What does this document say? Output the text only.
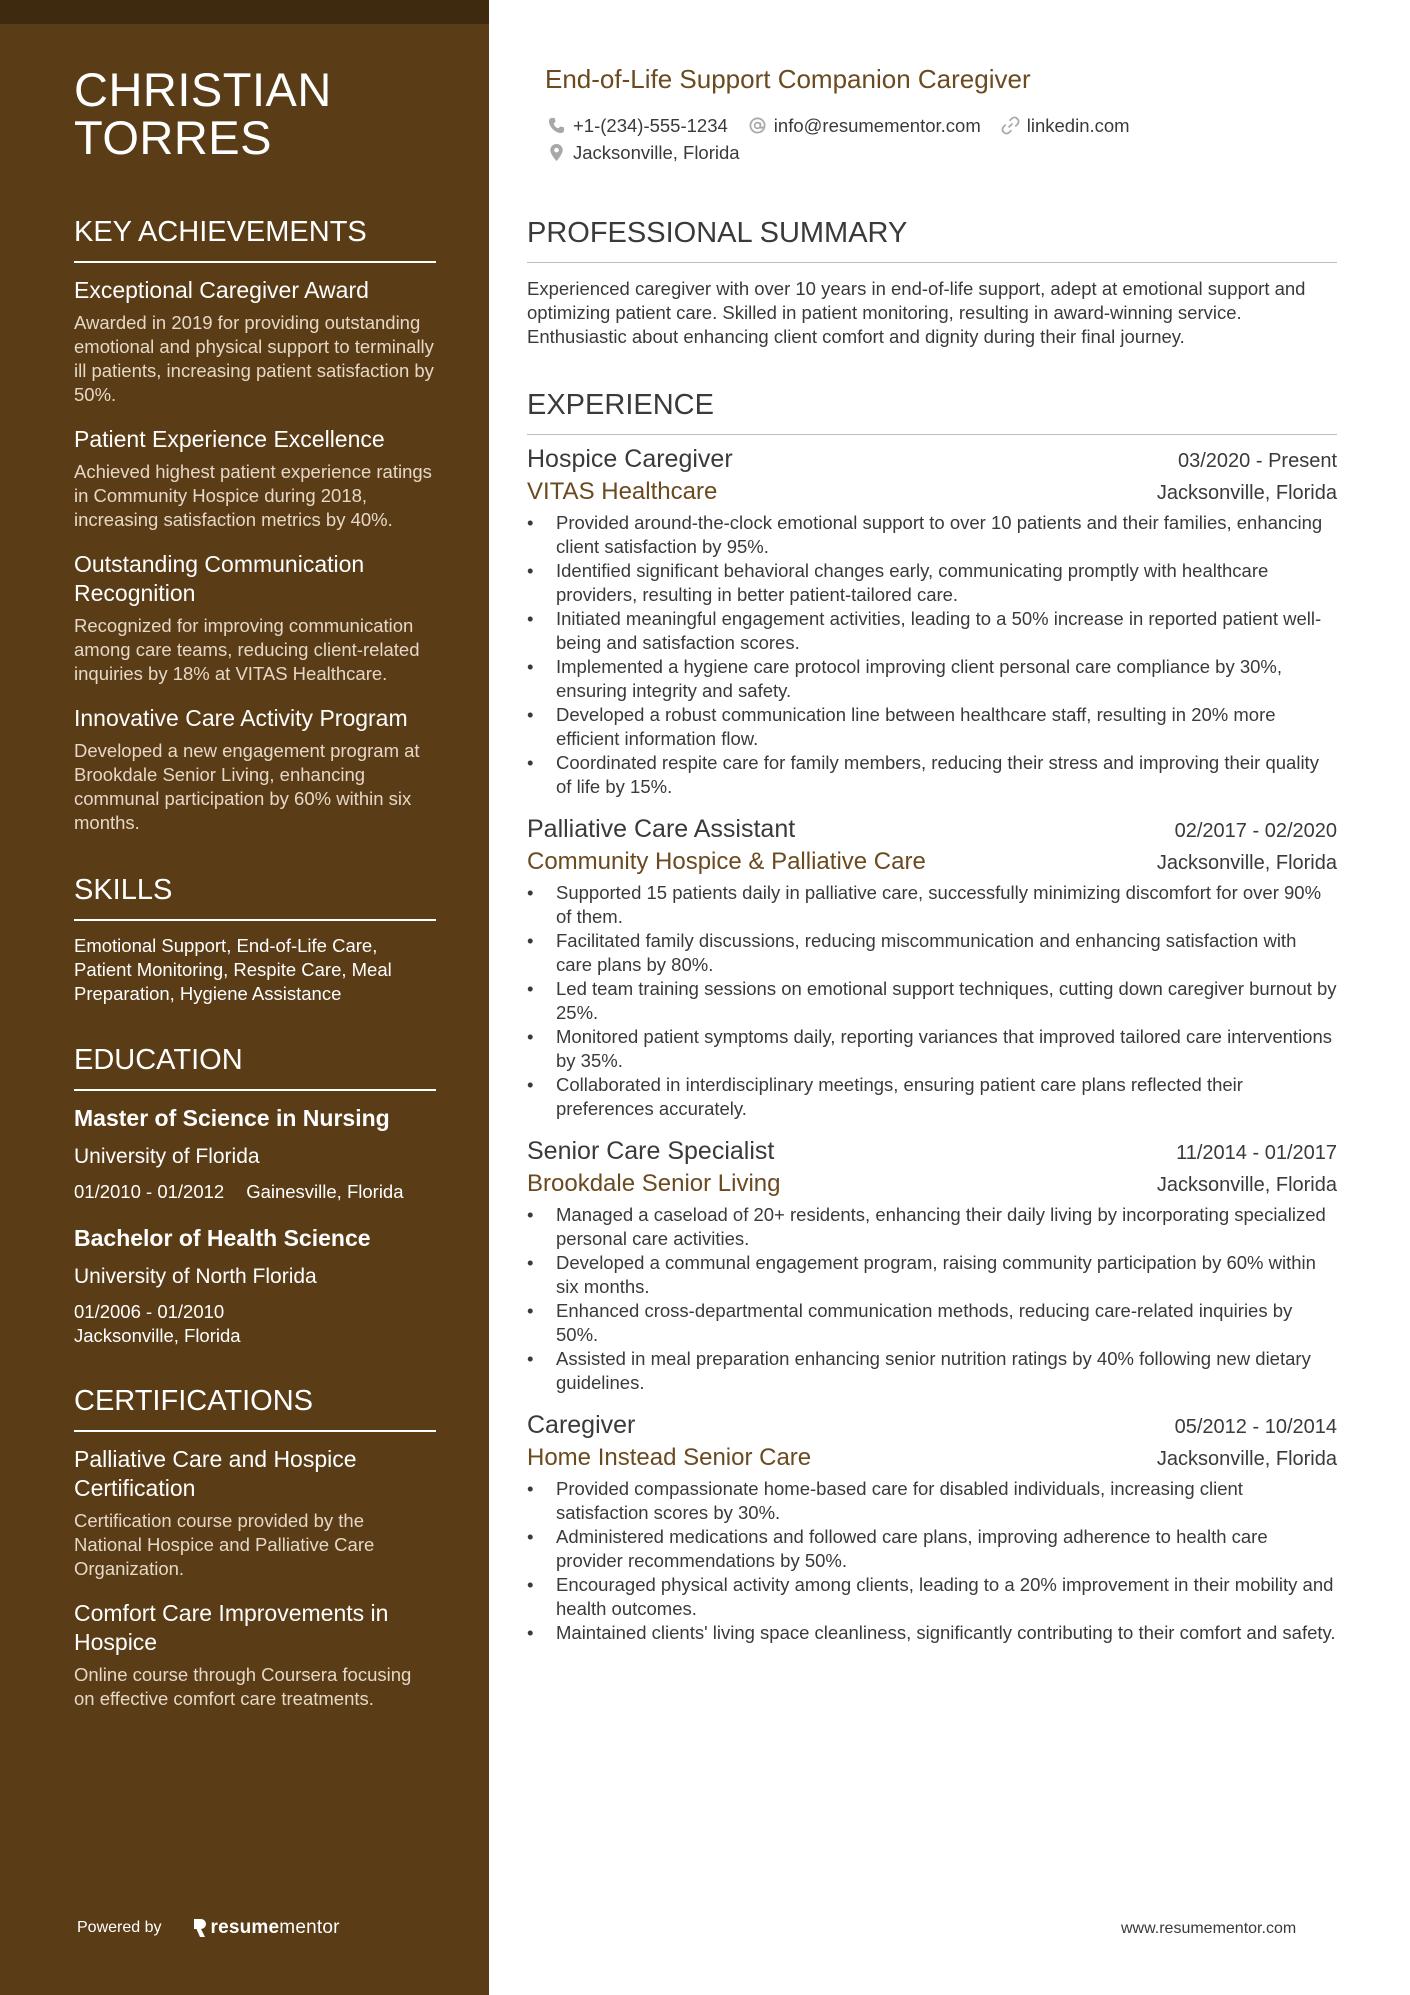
CHRISTIAN
TORRES
KEY ACHIEVEMENTS
Exceptional Caregiver Award
Awarded in 2019 for providing outstanding emotional and physical support to terminally ill patients, increasing patient satisfaction by 50%.
Patient Experience Excellence
Achieved highest patient experience ratings in Community Hospice during 2018, increasing satisfaction metrics by 40%.
Outstanding Communication Recognition
Recognized for improving communication among care teams, reducing client-related inquiries by 18% at VITAS Healthcare.
Innovative Care Activity Program
Developed a new engagement program at Brookdale Senior Living, enhancing communal participation by 60% within six months.
SKILLS
Emotional Support, End-of-Life Care, Patient Monitoring, Respite Care, Meal Preparation, Hygiene Assistance
EDUCATION
Master of Science in Nursing
University of Florida
01/2010 - 01/2012 Gainesville, Florida
Bachelor of Health Science
University of North Florida
01/2006 - 01/2010
Jacksonville, Florida
CERTIFICATIONS
Palliative Care and Hospice Certification
Certification course provided by the National Hospice and Palliative Care Organization.
Comfort Care Improvements in Hospice
Online course through Coursera focusing on effective comfort care treatments.
Powered by	resume mentor
End-of-Life Support Companion Caregiver
+1-(234)-555-1234 info@resumementor.com linkedin.com
Jacksonville, Florida
PROFESSIONAL SUMMARY
Experienced caregiver with over 10 years in end-of-life support, adept at emotional support and optimizing patient care. Skilled in patient monitoring, resulting in award-winning service. Enthusiastic about enhancing client comfort and dignity during their final journey.
EXPERIENCE
Hospice Caregiver	03/2020 - Present
VITAS Healthcare	Jacksonville, Florida
• Provided around-the-clock emotional support to over 10 patients and their families, enhancing client satisfaction by 95%.
• Identified significant behavioral changes early, communicating promptly with healthcare providers, resulting in better patient-tailored care.
• Initiated meaningful engagement activities, leading to a 50% increase in reported patient well-being and satisfaction scores.
• Implemented a hygiene care protocol improving client personal care compliance by 30%, ensuring integrity and safety.
• Developed a robust communication line between healthcare staff, resulting in 20% more efficient information flow.
• Coordinated respite care for family members, reducing their stress and improving their quality of life by 15%.
Palliative Care Assistant	02/2017 - 02/2020
Community Hospice & Palliative Care	Jacksonville, Florida
• Supported 15 patients daily in palliative care, successfully minimizing discomfort for over 90% of them.
• Facilitated family discussions, reducing miscommunication and enhancing satisfaction with care plans by 80%.
• Led team training sessions on emotional support techniques, cutting down caregiver burnout by 25%.
• Monitored patient symptoms daily, reporting variances that improved tailored care interventions by 35%.
• Collaborated in interdisciplinary meetings, ensuring patient care plans reflected their preferences accurately.
Senior Care Specialist	11/2014 - 01/2017
Brookdale Senior Living	Jacksonville, Florida
• Managed a caseload of 20+ residents, enhancing their daily living by incorporating specialized personal care activities.
• Developed a communal engagement program, raising community participation by 60% within six months.
• Enhanced cross-departmental communication methods, reducing care-related inquiries by 50%.
• Assisted in meal preparation enhancing senior nutrition ratings by 40% following new dietary guidelines.
Caregiver	05/2012 - 10/2014
Home Instead Senior Care	Jacksonville, Florida
• Provided compassionate home-based care for disabled individuals, increasing client satisfaction scores by 30%.
• Administered medications and followed care plans, improving adherence to health care provider recommendations by 50%.
• Encouraged physical activity among clients, leading to a 20% improvement in their mobility and health outcomes.
• Maintained clients' living space cleanliness, significantly contributing to their comfort and safety.
www.resumementor.com
